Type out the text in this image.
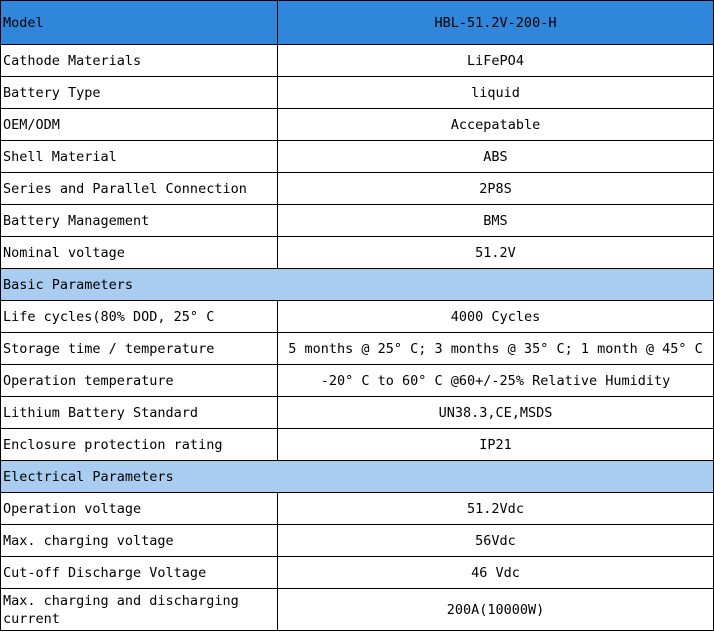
Model	HBL-51.2V-200-H
Cathode Materials	LiFePO4
Battery Type	liquid
OEM/ODM	Accepatable
Shell Material	ABS
Series and Parallel Connection	2P8S
Battery Management	BMS
Nominal voltage	51.2V
Basic Parameters	
Life cycles(80% DOD, 25° C	4000 Cycles
Storage time / temperature	5 months @ 25° C; 3 months @ 35° C; 1 month @ 45° C
Operation temperature	-20° C to 60° C @60+/-25% Relative Humidity
Lithium Battery Standard	UN38.3,CE,MSDS
Enclosure protection rating	IP21
Electrical Parameters	
Operation voltage	51.2Vdc
Max. charging voltage	56Vdc
Cut-off Discharge Voltage	46 Vdc
Max. charging and discharging current	200A(10000W)
